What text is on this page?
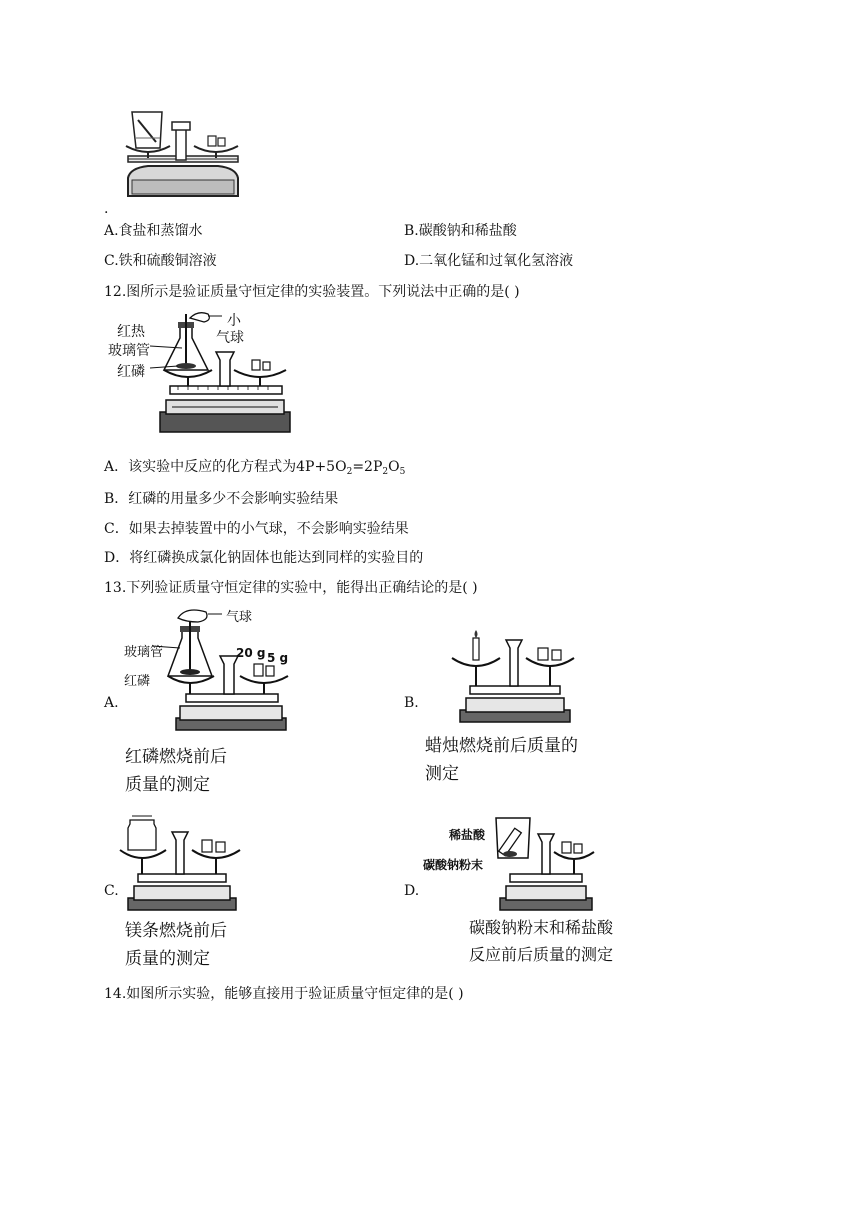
.
A.食盐和蒸馏水	B.碳酸钠和稀盐酸
C.铁和硫酸铜溶液	D.二氧化锰和过氧化氢溶液
12.图所示是验证质量守恒定律的实验装置。下列说法中正确的是( )
红热
玻璃管
红磷
小
气球
A．该实验中反应的化方程式为$4P+5O_2=2P_2O_5$
B．红磷的用量多少不会影响实验结果
C．如果去掉装置中的小气球，不会影响实验结果
D．将红磷换成氯化钠固体也能达到同样的实验目的
13.下列验证质量守恒定律的实验中，能得出正确结论的是( )
气球
玻璃管
红磷
20 g 5 g
A.
红磷燃烧前后
质量的测定
B.
蜡烛燃烧前后质量的
测定
C.
镁条燃烧前后
质量的测定
稀盐酸
碳酸钠粉末
D.
碳酸钠粉末和稀盐酸
反应前后质量的测定
14.如图所示实验，能够直接用于验证质量守恒定律的是( )
